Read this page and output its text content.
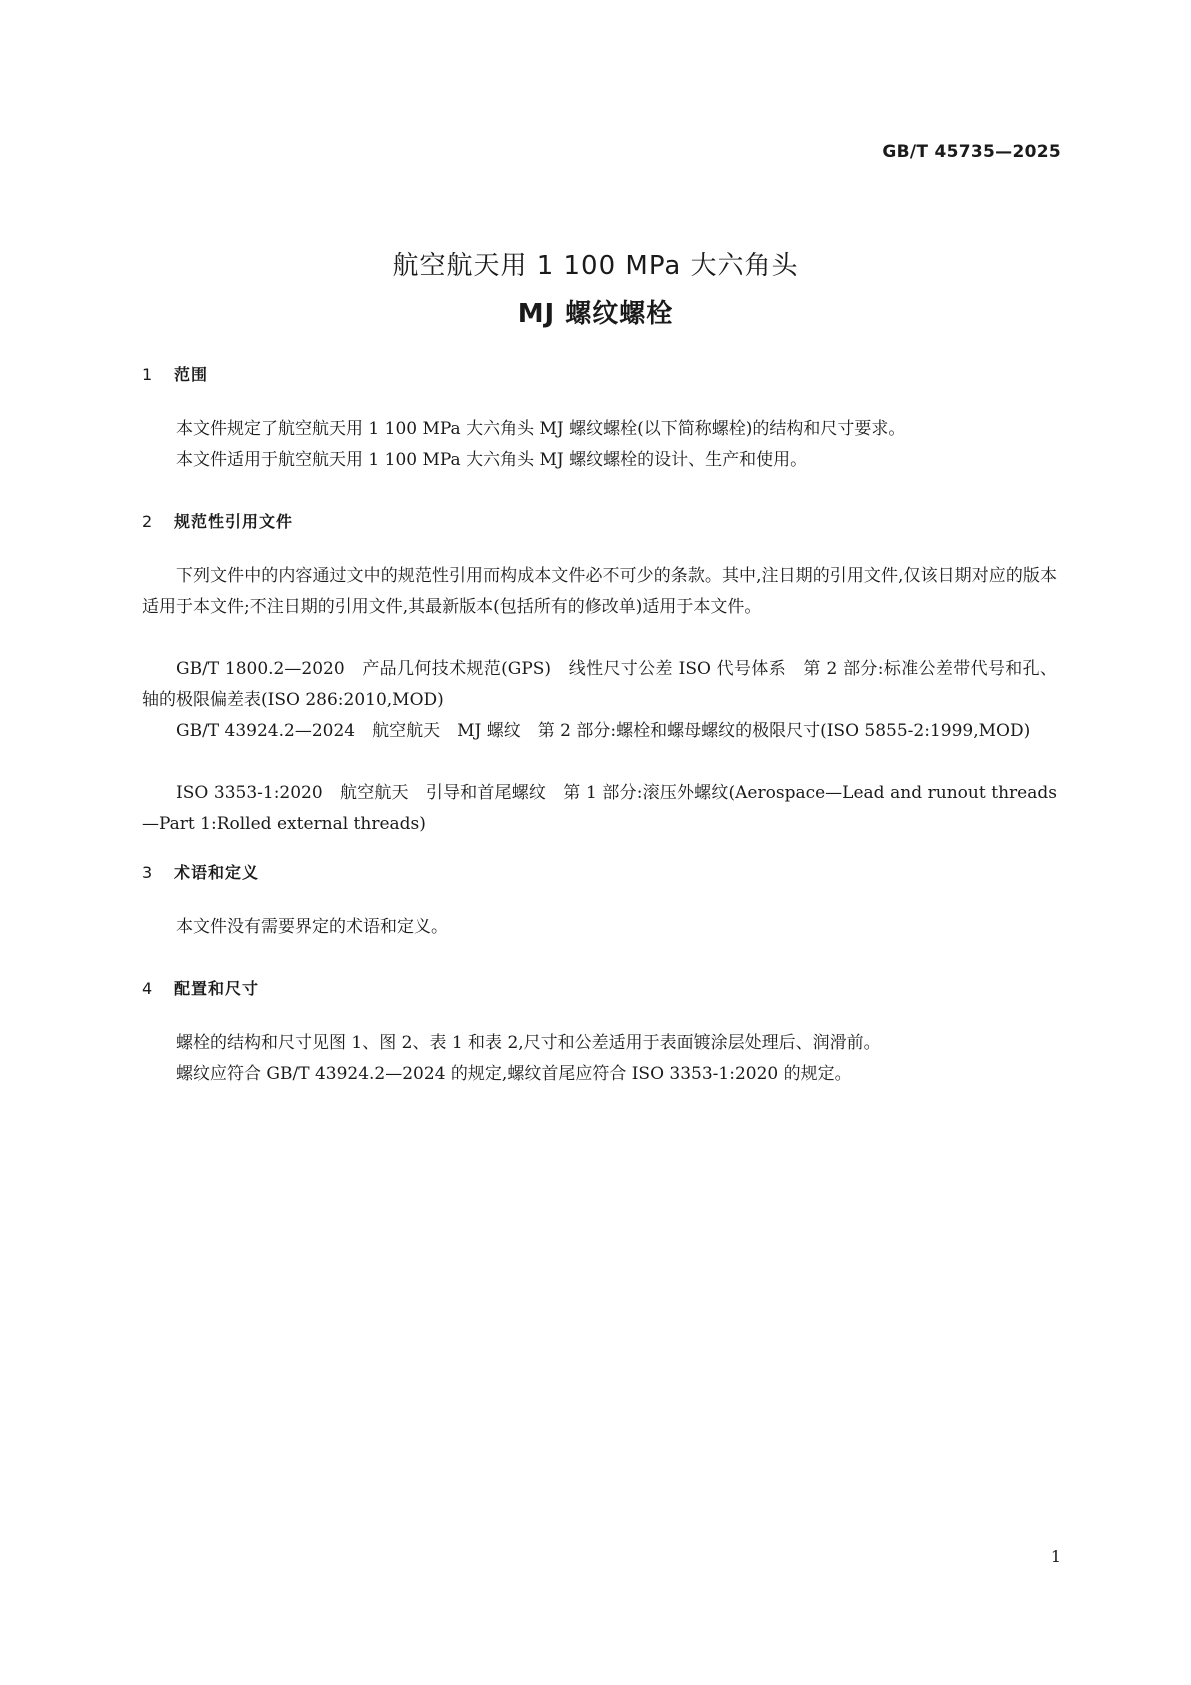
GB/T 45735—2025
航空航天用 1 100 MPa 大六角头
MJ 螺纹螺栓
1 范围

本文件规定了航空航天用 1 100 MPa 大六角头 MJ 螺纹螺栓(以下简称螺栓)的结构和尺寸要求。

本文件适用于航空航天用 1 100 MPa 大六角头 MJ 螺纹螺栓的设计、生产和使用。

2 规范性引用文件

下列文件中的内容通过文中的规范性引用而构成本文件必不可少的条款。其中,注日期的引用文件,仅该日期对应的版本适用于本文件;不注日期的引用文件,其最新版本(包括所有的修改单)适用于本文件。

GB/T 1800.2—2020　产品几何技术规范(GPS)　线性尺寸公差 ISO 代号体系　第 2 部分:标准公差带代号和孔、轴的极限偏差表(ISO 286:2010,MOD)

GB/T 43924.2—2024　航空航天　MJ 螺纹　第 2 部分:螺栓和螺母螺纹的极限尺寸(ISO 5855-2:1999,MOD)

ISO 3353-1:2020　航空航天　引导和首尾螺纹　第 1 部分:滚压外螺纹(Aerospace—Lead and runout threads—Part 1:Rolled external threads)

3 术语和定义

本文件没有需要界定的术语和定义。

4 配置和尺寸

螺栓的结构和尺寸见图 1、图 2、表 1 和表 2,尺寸和公差适用于表面镀涂层处理后、润滑前。

螺纹应符合 GB/T 43924.2—2024 的规定,螺纹首尾应符合 ISO 3353-1:2020 的规定。

1
